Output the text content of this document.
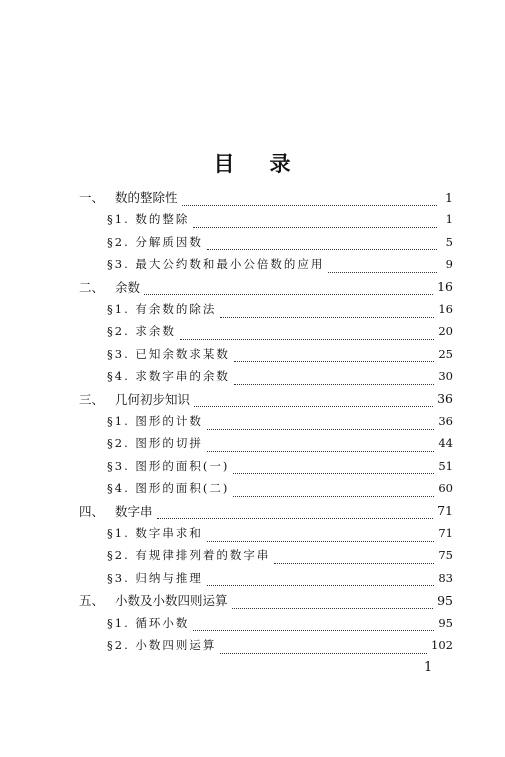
目 录
一、 数的整除性	1
§1. 数的整除	1
§2. 分解质因数	5
§3. 最大公约数和最小公倍数的应用	9
二、 余数	16
§1. 有余数的除法	16
§2. 求余数	20
§3. 已知余数求某数	25
§4. 求数字串的余数	30
三、 几何初步知识	36
§1. 图形的计数	36
§2. 图形的切拼	44
§3. 图形的面积(一)	51
§4. 图形的面积(二)	60
四、 数字串	71
§1. 数字串求和	71
§2. 有规律排列着的数字串	75
§3. 归纳与推理	83
五、 小数及小数四则运算	95
§1. 循环小数	95
§2. 小数四则运算	102
1
